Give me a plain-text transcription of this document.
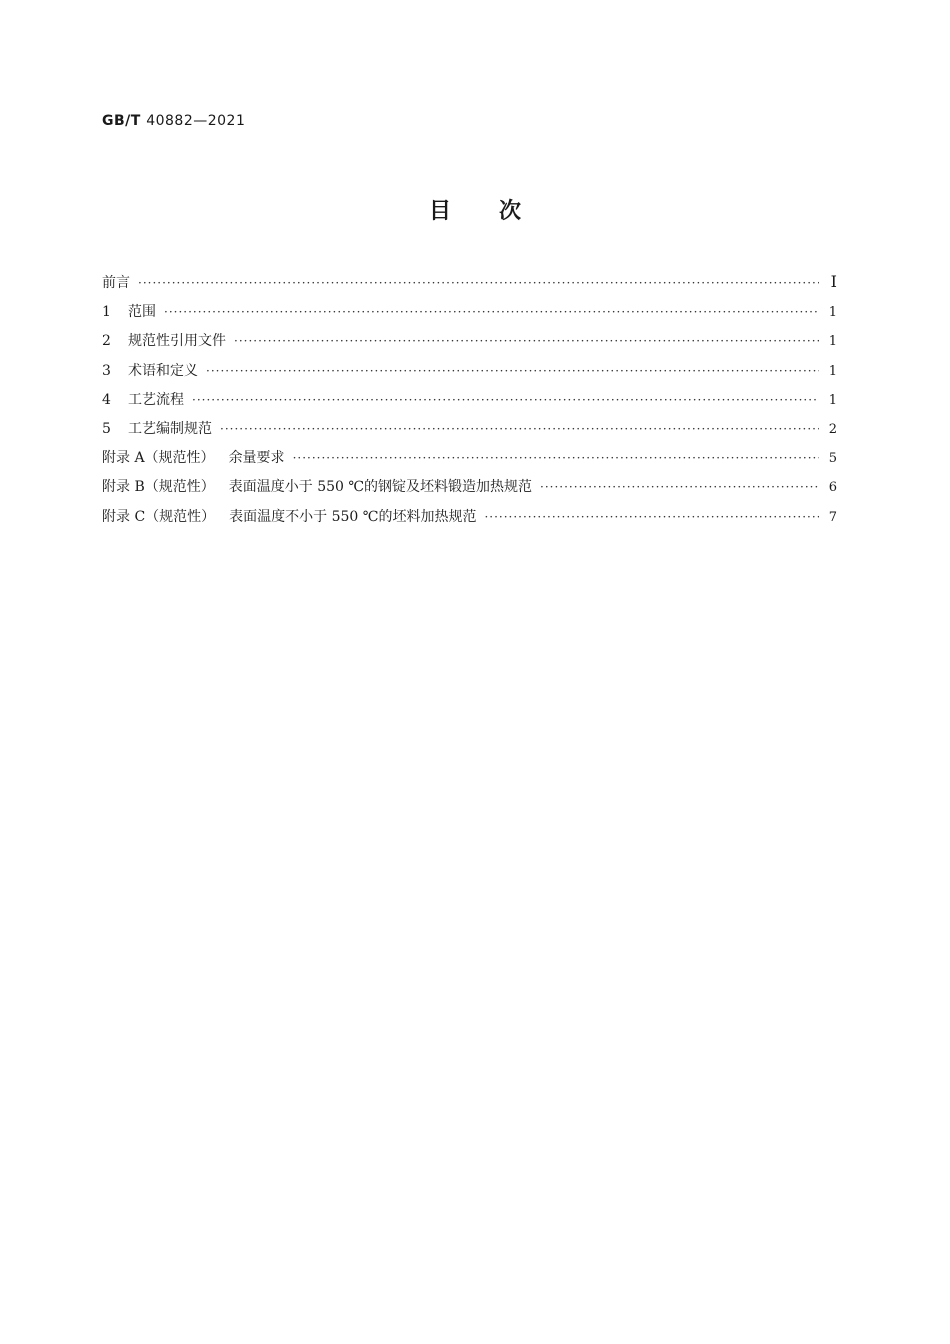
GB/T 40882—2021
目次
前言 ·····	Ⅰ
1 范围 ·····	1
2 规范性引用文件 ·····	1
3 术语和定义 ·····	1
4 工艺流程 ·····	1
5 工艺编制规范 ·····	2
附录 A（规范性） 余量要求 ·····	5
附录 B（规范性） 表面温度小于 550 ℃的钢锭及坯料锻造加热规范 ·····	6
附录 C（规范性） 表面温度不小于 550 ℃的坯料加热规范 ·····	7
